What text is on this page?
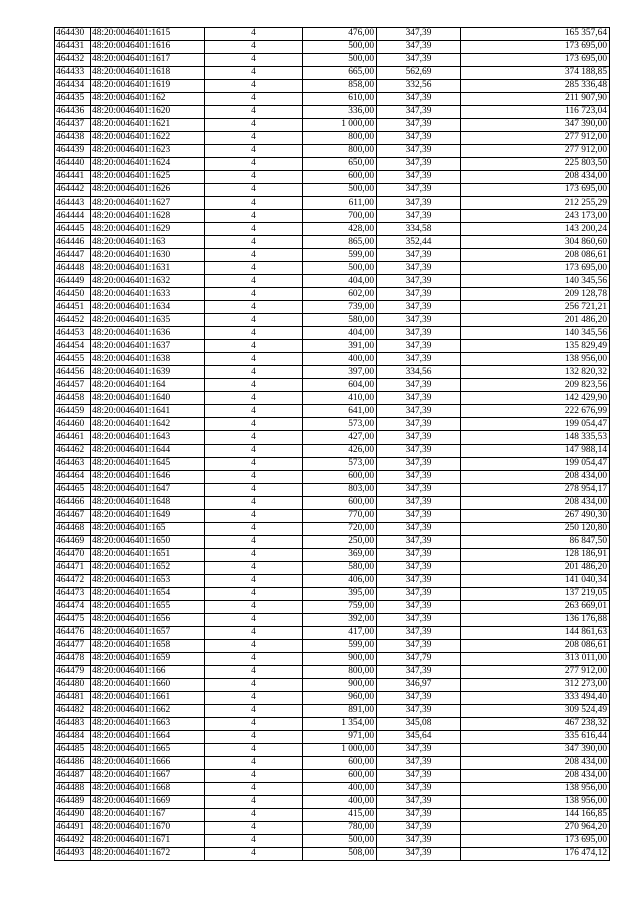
464430	48:20:0046401:1615	4	476,00	347,39	165 357,64
464431	48:20:0046401:1616	4	500,00	347,39	173 695,00
464432	48:20:0046401:1617	4	500,00	347,39	173 695,00
464433	48:20:0046401:1618	4	665,00	562,69	374 188,85
464434	48:20:0046401:1619	4	858,00	332,56	285 336,48
464435	48:20:0046401:162	4	610,00	347,39	211 907,90
464436	48:20:0046401:1620	4	336,00	347,39	116 723,04
464437	48:20:0046401:1621	4	1 000,00	347,39	347 390,00
464438	48:20:0046401:1622	4	800,00	347,39	277 912,00
464439	48:20:0046401:1623	4	800,00	347,39	277 912,00
464440	48:20:0046401:1624	4	650,00	347,39	225 803,50
464441	48:20:0046401:1625	4	600,00	347,39	208 434,00
464442	48:20:0046401:1626	4	500,00	347,39	173 695,00
464443	48:20:0046401:1627	4	611,00	347,39	212 255,29
464444	48:20:0046401:1628	4	700,00	347,39	243 173,00
464445	48:20:0046401:1629	4	428,00	334,58	143 200,24
464446	48:20:0046401:163	4	865,00	352,44	304 860,60
464447	48:20:0046401:1630	4	599,00	347,39	208 086,61
464448	48:20:0046401:1631	4	500,00	347,39	173 695,00
464449	48:20:0046401:1632	4	404,00	347,39	140 345,56
464450	48:20:0046401:1633	4	602,00	347,39	209 128,78
464451	48:20:0046401:1634	4	739,00	347,39	256 721,21
464452	48:20:0046401:1635	4	580,00	347,39	201 486,20
464453	48:20:0046401:1636	4	404,00	347,39	140 345,56
464454	48:20:0046401:1637	4	391,00	347,39	135 829,49
464455	48:20:0046401:1638	4	400,00	347,39	138 956,00
464456	48:20:0046401:1639	4	397,00	334,56	132 820,32
464457	48:20:0046401:164	4	604,00	347,39	209 823,56
464458	48:20:0046401:1640	4	410,00	347,39	142 429,90
464459	48:20:0046401:1641	4	641,00	347,39	222 676,99
464460	48:20:0046401:1642	4	573,00	347,39	199 054,47
464461	48:20:0046401:1643	4	427,00	347,39	148 335,53
464462	48:20:0046401:1644	4	426,00	347,39	147 988,14
464463	48:20:0046401:1645	4	573,00	347,39	199 054,47
464464	48:20:0046401:1646	4	600,00	347,39	208 434,00
464465	48:20:0046401:1647	4	803,00	347,39	278 954,17
464466	48:20:0046401:1648	4	600,00	347,39	208 434,00
464467	48:20:0046401:1649	4	770,00	347,39	267 490,30
464468	48:20:0046401:165	4	720,00	347,39	250 120,80
464469	48:20:0046401:1650	4	250,00	347,39	86 847,50
464470	48:20:0046401:1651	4	369,00	347,39	128 186,91
464471	48:20:0046401:1652	4	580,00	347,39	201 486,20
464472	48:20:0046401:1653	4	406,00	347,39	141 040,34
464473	48:20:0046401:1654	4	395,00	347,39	137 219,05
464474	48:20:0046401:1655	4	759,00	347,39	263 669,01
464475	48:20:0046401:1656	4	392,00	347,39	136 176,88
464476	48:20:0046401:1657	4	417,00	347,39	144 861,63
464477	48:20:0046401:1658	4	599,00	347,39	208 086,61
464478	48:20:0046401:1659	4	900,00	347,79	313 011,00
464479	48:20:0046401:166	4	800,00	347,39	277 912,00
464480	48:20:0046401:1660	4	900,00	346,97	312 273,00
464481	48:20:0046401:1661	4	960,00	347,39	333 494,40
464482	48:20:0046401:1662	4	891,00	347,39	309 524,49
464483	48:20:0046401:1663	4	1 354,00	345,08	467 238,32
464484	48:20:0046401:1664	4	971,00	345,64	335 616,44
464485	48:20:0046401:1665	4	1 000,00	347,39	347 390,00
464486	48:20:0046401:1666	4	600,00	347,39	208 434,00
464487	48:20:0046401:1667	4	600,00	347,39	208 434,00
464488	48:20:0046401:1668	4	400,00	347,39	138 956,00
464489	48:20:0046401:1669	4	400,00	347,39	138 956,00
464490	48:20:0046401:167	4	415,00	347,39	144 166,85
464491	48:20:0046401:1670	4	780,00	347,39	270 964,20
464492	48:20:0046401:1671	4	500,00	347,39	173 695,00
464493	48:20:0046401:1672	4	508,00	347,39	176 474,12
